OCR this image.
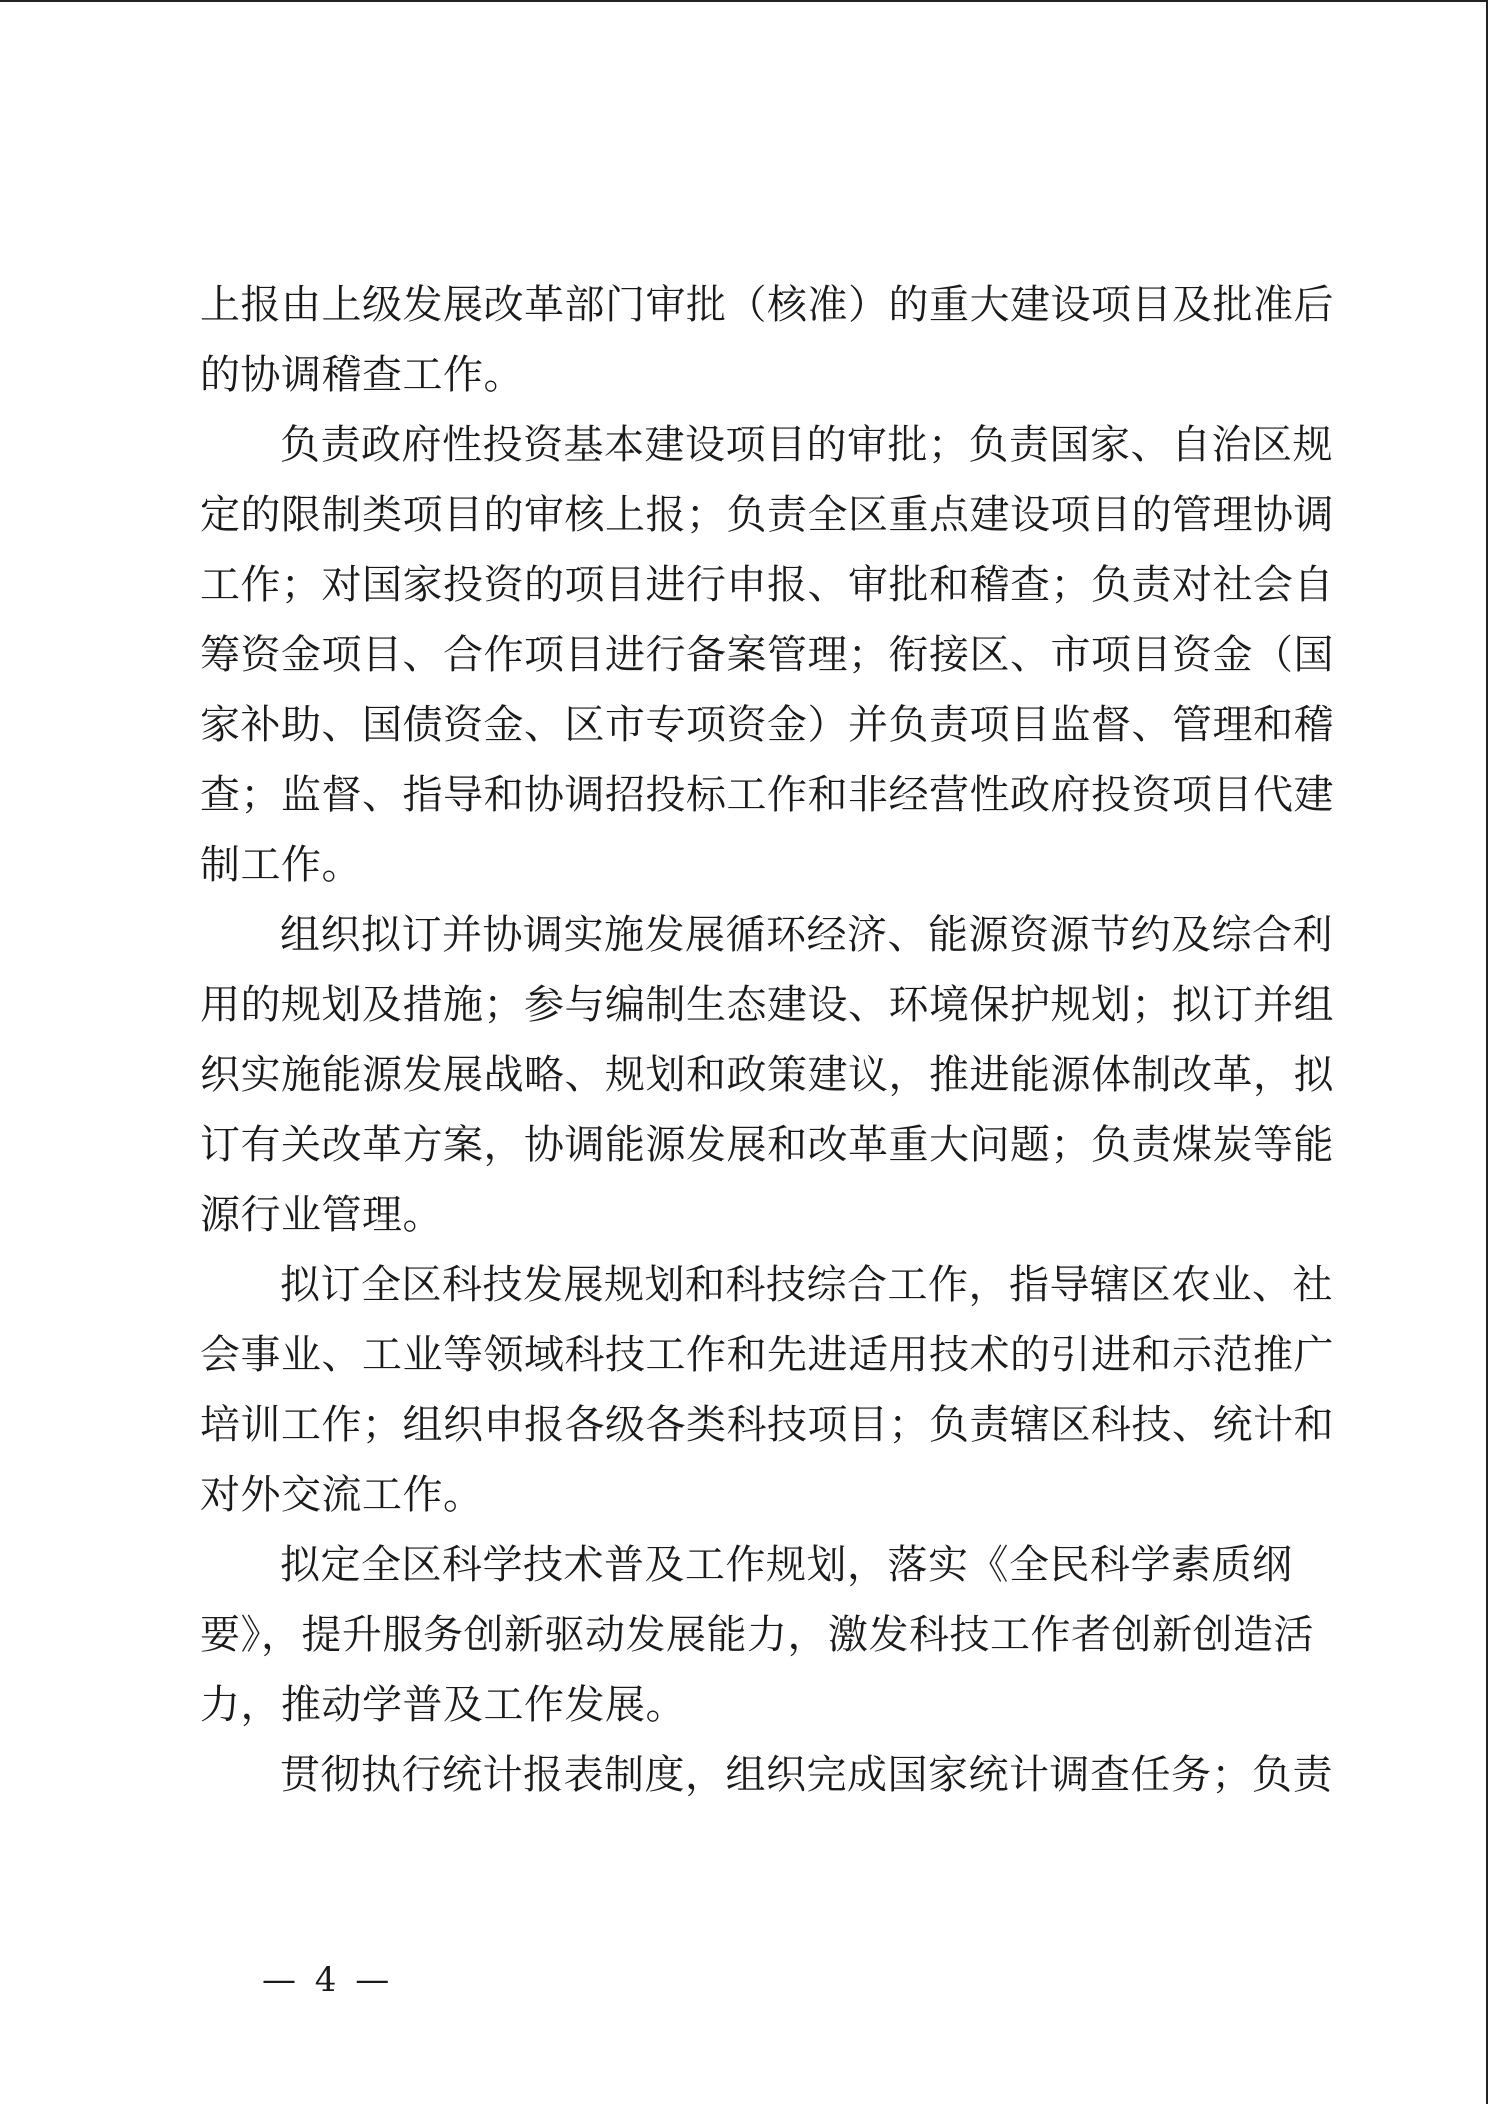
上报由上级发展改革部门审批（核准）的重大建设项目及批准后
的协调稽查工作。
负责政府性投资基本建设项目的审批；负责国家、自治区规
定的限制类项目的审核上报；负责全区重点建设项目的管理协调
工作；对国家投资的项目进行申报、审批和稽查；负责对社会自
筹资金项目、合作项目进行备案管理；衔接区、市项目资金（国
家补助、国债资金、区市专项资金）并负责项目监督、管理和稽
查；监督、指导和协调招投标工作和非经营性政府投资项目代建
制工作。
组织拟订并协调实施发展循环经济、能源资源节约及综合利
用的规划及措施；参与编制生态建设、环境保护规划；拟订并组
织实施能源发展战略、规划和政策建议，推进能源体制改革，拟
订有关改革方案，协调能源发展和改革重大问题；负责煤炭等能
源行业管理。
拟订全区科技发展规划和科技综合工作，指导辖区农业、社
会事业、工业等领域科技工作和先进适用技术的引进和示范推广
培训工作；组织申报各级各类科技项目；负责辖区科技、统计和
对外交流工作。
拟定全区科学技术普及工作规划，落实《全民科学素质纲
要》，提升服务创新驱动发展能力，激发科技工作者创新创造活
力，推动学普及工作发展。
贯彻执行统计报表制度，组织完成国家统计调查任务；负责
— 4 —
